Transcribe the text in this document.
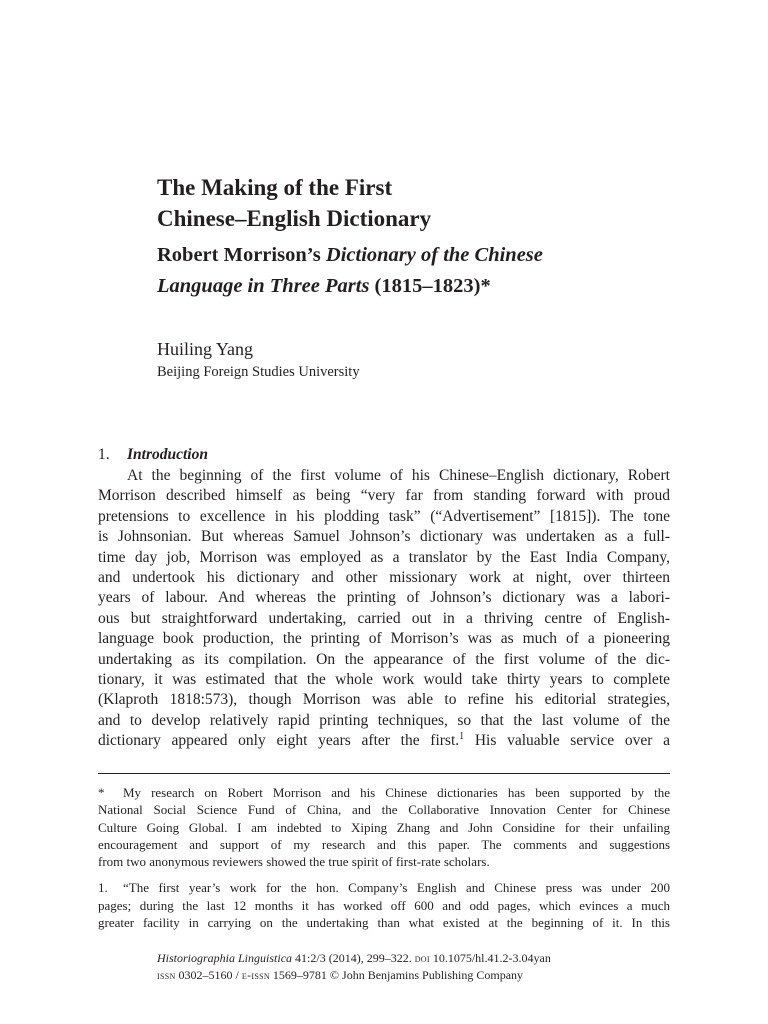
The Making of the First
Chinese–English Dictionary
Robert Morrison’s Dictionary of the Chinese
Language in Three Parts (1815–1823)*
Huiling Yang
Beijing Foreign Studies University
1. Introduction
At the beginning of the first volume of his Chinese–English dictionary, Robert
Morrison described himself as being “very far from standing forward with proud
pretensions to excellence in his plodding task” (“Advertisement” [1815]). The tone
is Johnsonian. But whereas Samuel Johnson’s dictionary was undertaken as a full-
time day job, Morrison was employed as a translator by the East India Company,
and undertook his dictionary and other missionary work at night, over thirteen
years of labour. And whereas the printing of Johnson’s dictionary was a labori-
ous but straightforward undertaking, carried out in a thriving centre of English-
language book production, the printing of Morrison’s was as much of a pioneering
undertaking as its compilation. On the appearance of the first volume of the dic-
tionary, it was estimated that the whole work would take thirty years to complete
(Klaproth 1818:573), though Morrison was able to refine his editorial strategies,
and to develop relatively rapid printing techniques, so that the last volume of the
dictionary appeared only eight years after the first.$^1$ His valuable service over a
* My research on Robert Morrison and his Chinese dictionaries has been supported by the
National Social Science Fund of China, and the Collaborative Innovation Center for Chinese
Culture Going Global. I am indebted to Xiping Zhang and John Considine for their unfailing
encouragement and support of my research and this paper. The comments and suggestions
from two anonymous reviewers showed the true spirit of first-rate scholars.
1. “The first year’s work for the hon. Company’s English and Chinese press was under 200
pages; during the last 12 months it has worked off 600 and odd pages, which evinces a much
greater facility in carrying on the undertaking than what existed at the beginning of it. In this
Historiographia Linguistica 41:2/3 (2014), 299–322. doi 10.1075/hl.41.2-3.04yan
issn 0302–5160 / e-issn 1569–9781 © John Benjamins Publishing Company
